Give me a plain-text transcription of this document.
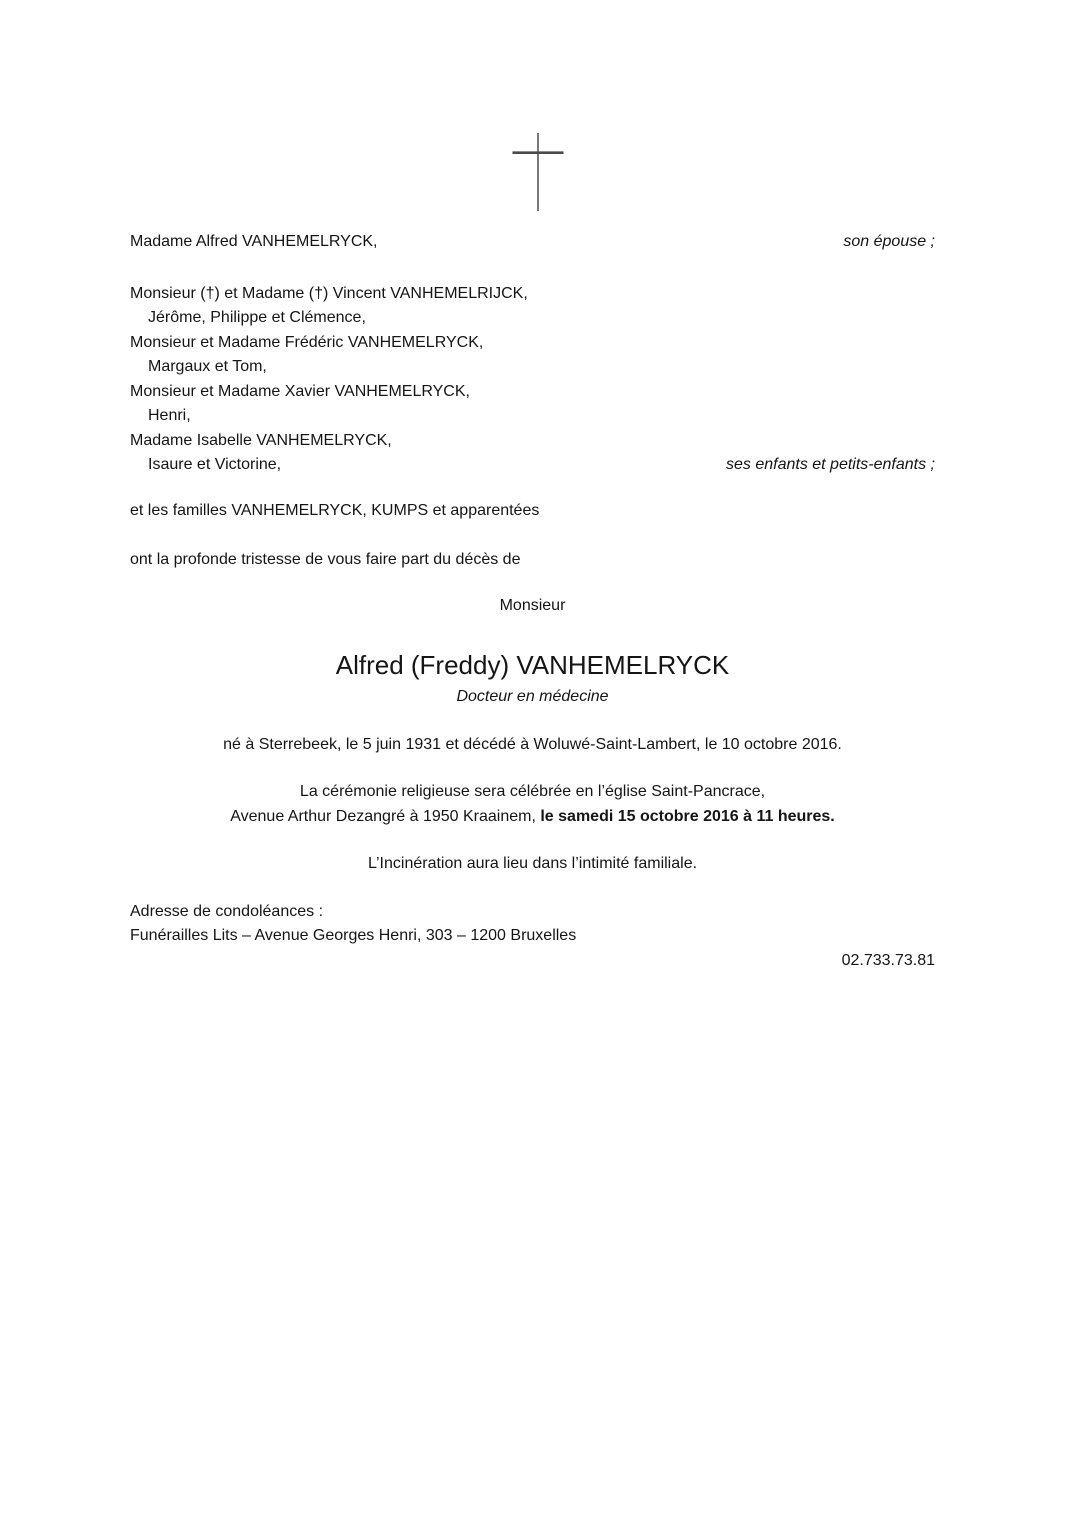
Madame Alfred VANHEMELRYCK,	son épouse ;
Monsieur (†) et Madame (†) Vincent VANHEMELRIJCK,
Jérôme, Philippe et Clémence,
Monsieur et Madame Frédéric VANHEMELRYCK,
Margaux et Tom,
Monsieur et Madame Xavier VANHEMELRYCK,
Henri,
Madame Isabelle VANHEMELRYCK,
Isaure et Victorine,	ses enfants et petits-enfants ;
et les familles VANHEMELRYCK, KUMPS et apparentées
ont la profonde tristesse de vous faire part du décès de
Monsieur
Alfred (Freddy) VANHEMELRYCK
Docteur en médecine
né à Sterrebeek, le 5 juin 1931 et décédé à Woluwé-Saint-Lambert, le 10 octobre 2016.
La cérémonie religieuse sera célébrée en l’église Saint-Pancrace,
Avenue Arthur Dezangré à 1950 Kraainem, le samedi 15 octobre 2016 à 11 heures.
L’Incinération aura lieu dans l’intimité familiale.
Adresse de condoléances :
Funérailles Lits – Avenue Georges Henri, 303 – 1200 Bruxelles
02.733.73.81
